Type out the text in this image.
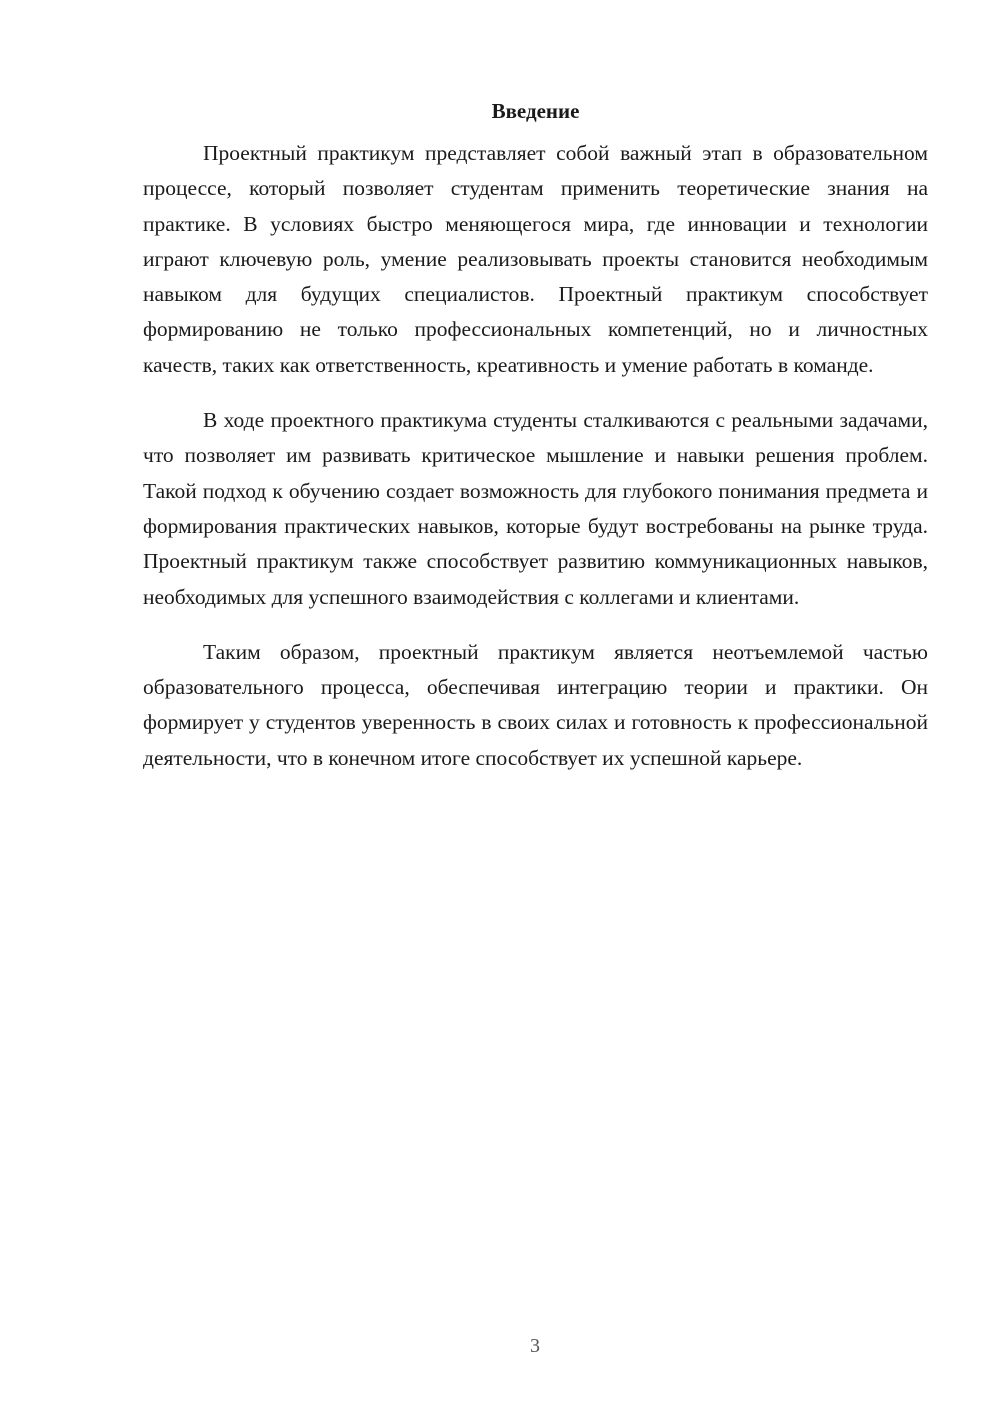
Введение

Проектный практикум представляет собой важный этап в образовательном процессе, который позволяет студентам применить теоретические знания на практике. В условиях быстро меняющегося мира, где инновации и технологии играют ключевую роль, умение реализовывать проекты становится необходимым навыком для будущих специалистов. Проектный практикум способствует формированию не только профессиональных компетенций, но и личностных качеств, таких как ответственность, креативность и умение работать в команде.

В ходе проектного практикума студенты сталкиваются с реальными задачами, что позволяет им развивать критическое мышление и навыки решения проблем. Такой подход к обучению создает возможность для глубокого понимания предмета и формирования практических навыков, которые будут востребованы на рынке труда. Проектный практикум также способствует развитию коммуникационных навыков, необходимых для успешного взаимодействия с коллегами и клиентами.

Таким образом, проектный практикум является неотъемлемой частью образовательного процесса, обеспечивая интеграцию теории и практики. Он формирует у студентов уверенность в своих силах и готовность к профессиональной деятельности, что в конечном итоге способствует их успешной карьере.

3
